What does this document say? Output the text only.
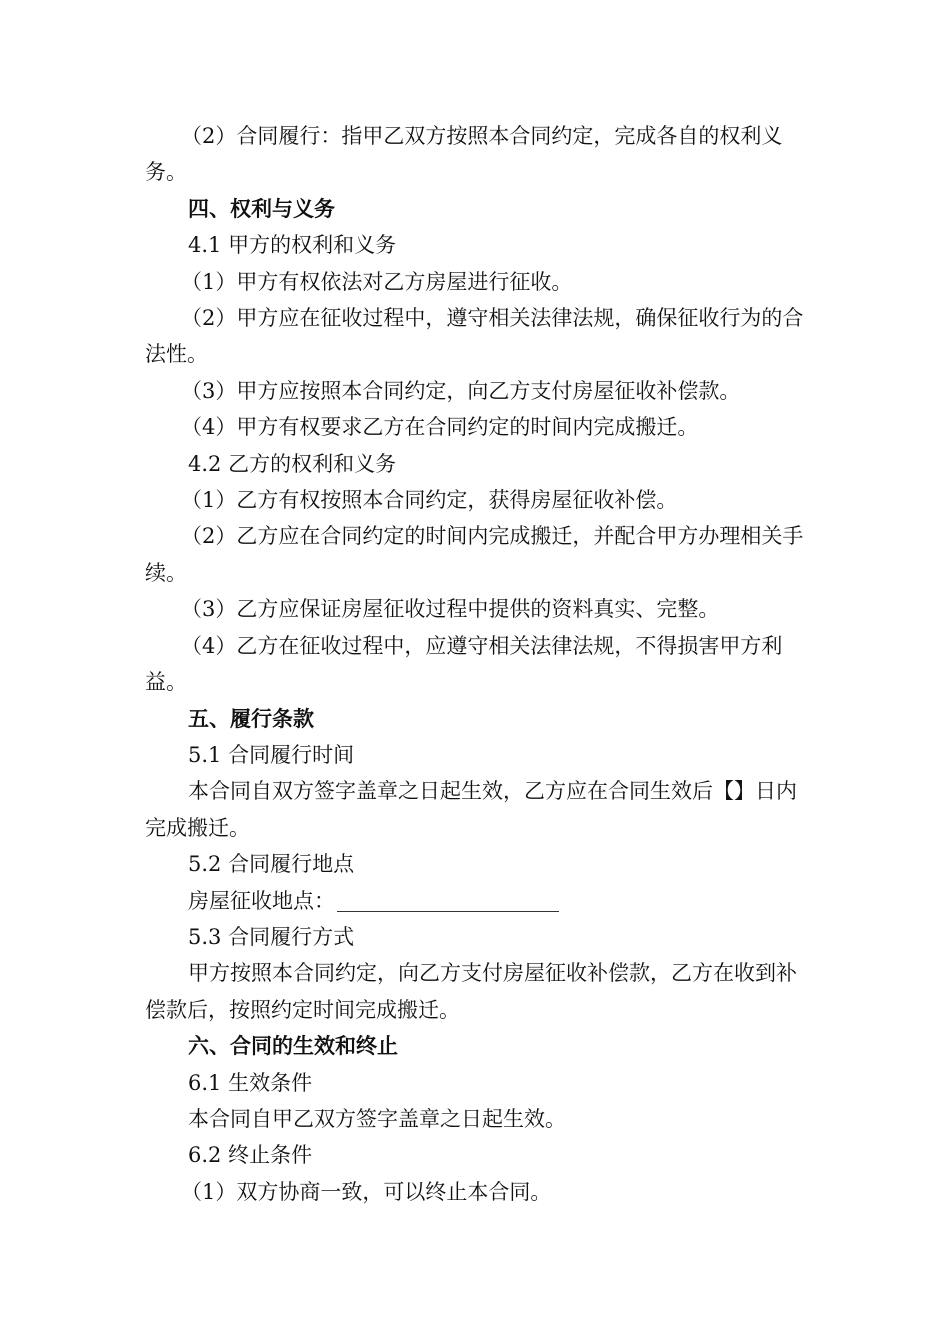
（2）合同履行：指甲乙双方按照本合同约定，完成各自的权利义务。

四、权利与义务

4.1 甲方的权利和义务

（1）甲方有权依法对乙方房屋进行征收。

（2）甲方应在征收过程中，遵守相关法律法规，确保征收行为的合法性。

（3）甲方应按照本合同约定，向乙方支付房屋征收补偿款。

（4）甲方有权要求乙方在合同约定的时间内完成搬迁。

4.2 乙方的权利和义务

（1）乙方有权按照本合同约定，获得房屋征收补偿。

（2）乙方应在合同约定的时间内完成搬迁，并配合甲方办理相关手续。

（3）乙方应保证房屋征收过程中提供的资料真实、完整。

（4）乙方在征收过程中，应遵守相关法律法规，不得损害甲方利益。

五、履行条款

5.1 合同履行时间

本合同自双方签字盖章之日起生效，乙方应在合同生效后【】日内完成搬迁。

5.2 合同履行地点

房屋征收地点：

5.3 合同履行方式

甲方按照本合同约定，向乙方支付房屋征收补偿款，乙方在收到补偿款后，按照约定时间完成搬迁。

六、合同的生效和终止

6.1 生效条件

本合同自甲乙双方签字盖章之日起生效。

6.2 终止条件

（1）双方协商一致，可以终止本合同。
